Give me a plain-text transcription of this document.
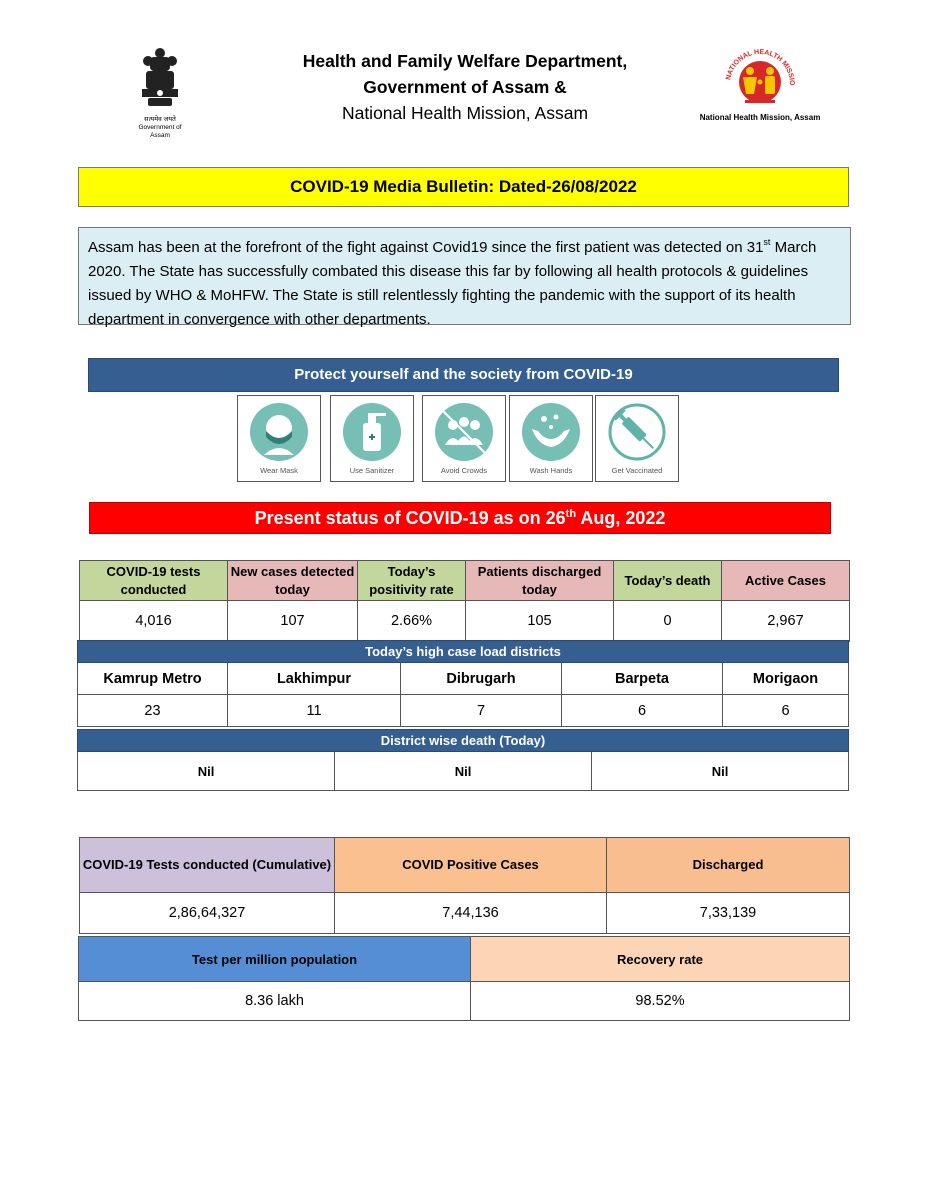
सत्यमेव जयते
Government of Assam
Health and Family Welfare Department,
Government of Assam &
National Health Mission, Assam
NATIONAL HEALTH MISSIO
National Health Mission, Assam
COVID-19 Media Bulletin: Dated-26/08/2022
Assam has been at the forefront of the fight against Covid19 since the first patient was detected on 31st March 2020. The State has successfully combated this disease this far by following all health protocols & guidelines issued by WHO & MoHFW. The State is still relentlessly fighting the pandemic with the support of its health department in convergence with other departments.
Protect yourself and the society from COVID-19
Wear Mask	Use Sanitizer	Avoid Crowds	Wash Hands	Get Vaccinated
Present status of COVID-19 as on 26th Aug, 2022
COVID-19 tests conducted	New cases detected today	Today’s positivity rate	Patients discharged today	Today’s death	Active Cases
4,016	107	2.66%	105	0	2,967
Today’s high case load districts				
Kamrup Metro	Lakhimpur	Dibrugarh	Barpeta	Morigaon
23	11	7	6	6
District wise death (Today)
Nil	Nil	Nil
COVID-19 Tests conducted (Cumulative)	COVID Positive Cases	Discharged
2,86,64,327	7,44,136	7,33,139
Test per million population	Recovery rate
8.36 lakh	98.52%
